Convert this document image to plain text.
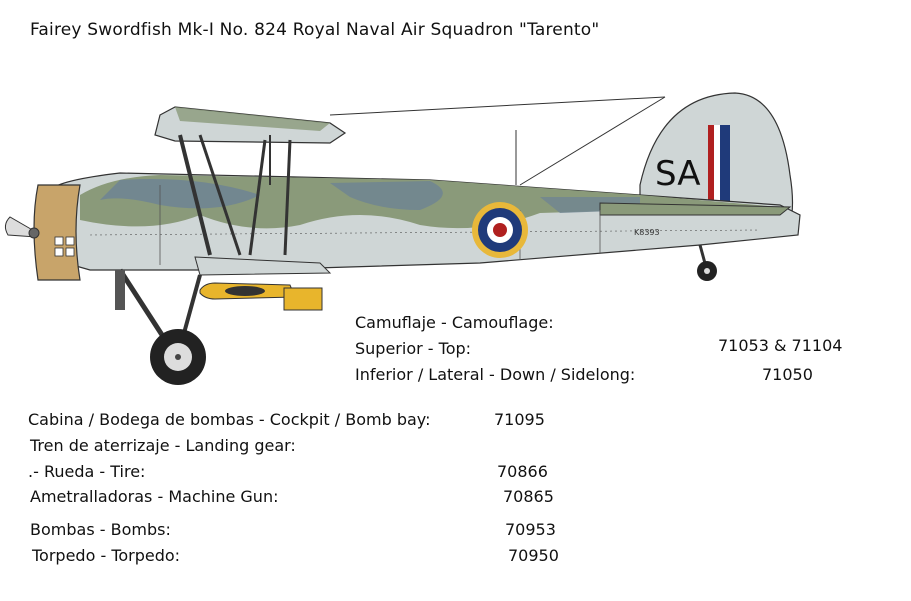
Fairey Swordfish Mk-I No. 824 Royal Naval Air Squadron "Tarento"
SA
K8393
Camuflaje - Camouflage:
Superior - Top:	71053 & 71104
Inferior / Lateral - Down / Sidelong:	71050
Cabina / Bodega de bombas - Cockpit / Bomb bay:	71095
Tren de aterrizaje - Landing gear:
.- Rueda - Tire:	70866
Ametralladoras - Machine Gun:	70865
Bombas - Bombs:	70953
Torpedo - Torpedo:	70950
